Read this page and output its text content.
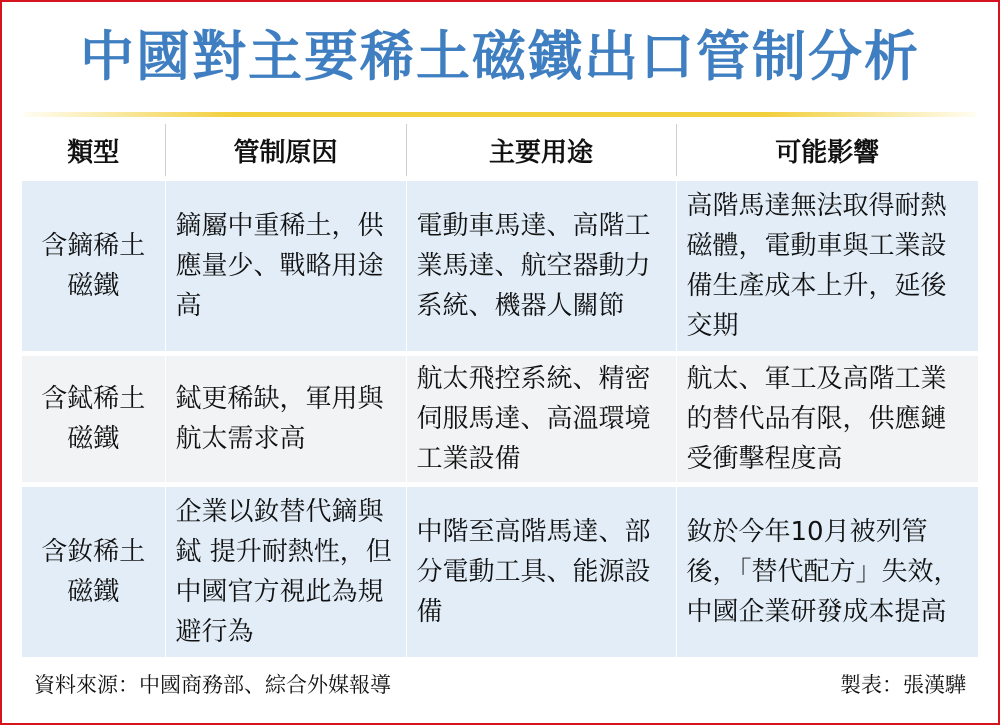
中國對主要稀土磁鐵出口管制分析
類型	管制原因	主要用途	可能影響
含鏑稀土磁鐵	鏑屬中重稀土，供應量少、戰略用途高	電動車馬達、高階工業馬達、航空器動力系統、機器人關節	高階馬達無法取得耐熱磁體，電動車與工業設備生產成本上升，延後交期
含鋱稀土磁鐵	鋱更稀缺，軍用與航太需求高	航太飛控系統、精密伺服馬達、高溫環境工業設備	航太、軍工及高階工業的替代品有限，供應鏈受衝擊程度高
含釹稀土磁鐵	企業以釹替代鏑與鋱 提升耐熱性，但中國官方視此為規避行為	中階至高階馬達、部分電動工具、能源設備	釹於今年10月被列管後，「替代配方」失效，中國企業研發成本提高
資料來源：中國商務部、綜合外媒報導	製表：張漢驊
